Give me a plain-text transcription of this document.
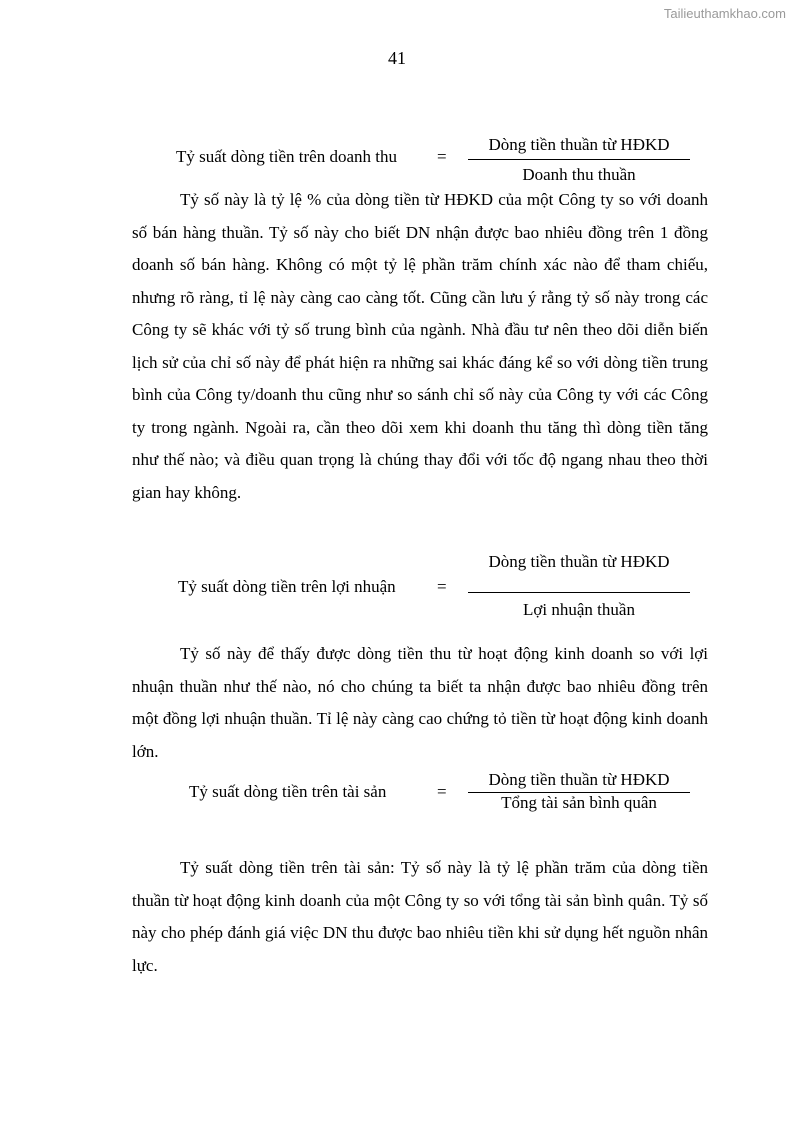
Tailieuthamkhao.com
41
Tỷ suất dòng tiền trên doanh thu =
Dòng tiền thuần từ HĐKD
Doanh thu thuần

Tỷ số này là tỷ lệ % của dòng tiền từ HĐKD của một Công ty so với doanh số bán hàng thuần. Tỷ số này cho biết DN nhận được bao nhiêu đồng trên 1 đồng doanh số bán hàng. Không có một tỷ lệ phần trăm chính xác nào để tham chiếu, nhưng rõ ràng, tỉ lệ này càng cao càng tốt. Cũng cần lưu ý rằng tỷ số này trong các Công ty sẽ khác với tỷ số trung bình của ngành. Nhà đầu tư nên theo dõi diễn biến lịch sử của chỉ số này để phát hiện ra những sai khác đáng kể so với dòng tiền trung bình của Công ty/doanh thu cũng như so sánh chỉ số này của Công ty với các Công ty trong ngành. Ngoài ra, cần theo dõi xem khi doanh thu tăng thì dòng tiền tăng như thế nào; và điều quan trọng là chúng thay đổi với tốc độ ngang nhau theo thời gian hay không.

Tỷ suất dòng tiền trên lợi nhuận =
Dòng tiền thuần từ HĐKD
Lợi nhuận thuần

Tỷ số này để thấy được dòng tiền thu từ hoạt động kinh doanh so với lợi nhuận thuần như thế nào, nó cho chúng ta biết ta nhận được bao nhiêu đồng trên một đồng lợi nhuận thuần. Tỉ lệ này càng cao chứng tỏ tiền từ hoạt động kinh doanh lớn.

Tỷ suất dòng tiền trên tài sản	=
Dòng tiền thuần từ HĐKD
Tổng tài sản bình quân

Tỷ suất dòng tiền trên tài sản: Tỷ số này là tỷ lệ phần trăm của dòng tiền thuần từ hoạt động kinh doanh của một Công ty so với tổng tài sản bình quân. Tỷ số này cho phép đánh giá việc DN thu được bao nhiêu tiền khi sử dụng hết nguồn nhân lực.
